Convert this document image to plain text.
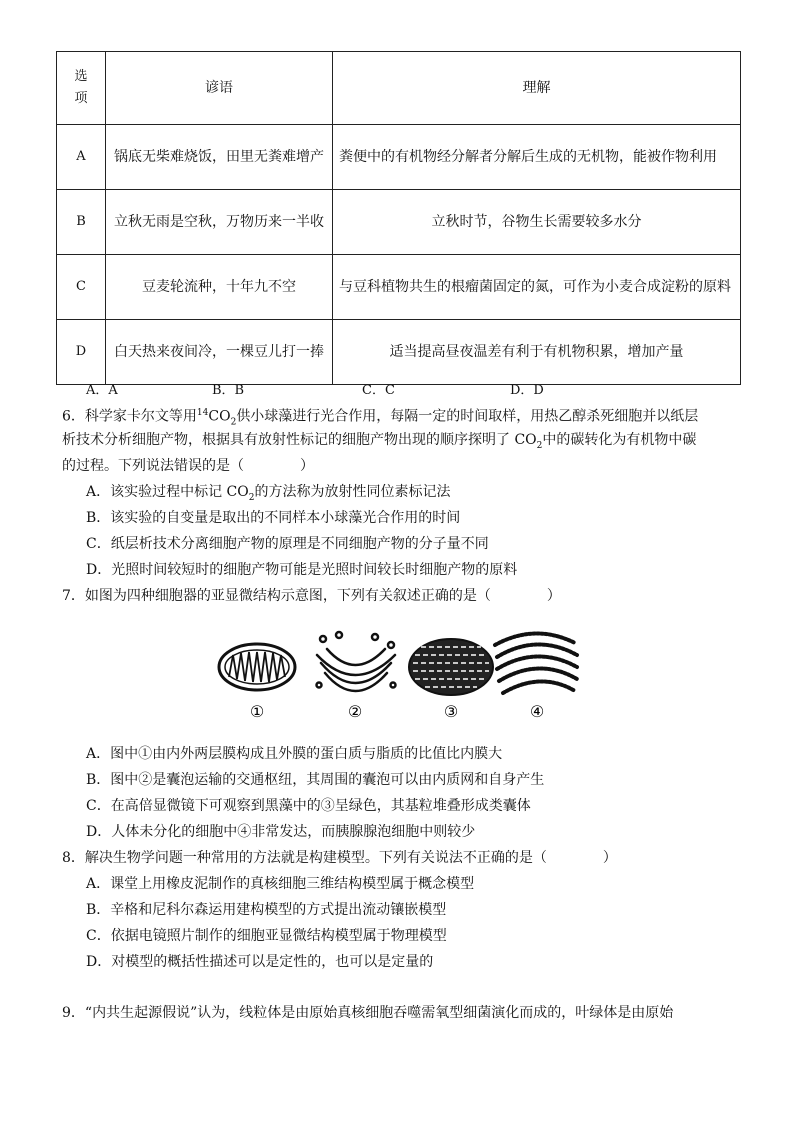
选
项	谚语	理解
A	锅底无柴难烧饭，田里无粪难增产	粪便中的有机物经分解者分解后生成的无机物，能被作物利用
B	立秋无雨是空秋，万物历来一半收	立秋时节，谷物生长需要较多水分
C	豆麦轮流种，十年九不空	与豆科植物共生的根瘤菌固定的氮，可作为小麦合成淀粉的原料
D	白天热来夜间冷，一棵豆儿打一捧	适当提高昼夜温差有利于有机物积累，增加产量
A．A	B．B	C．C	D．D
6．科学家卡尔文等用$^{14}CO_2$供小球藻进行光合作用，每隔一定的时间取样，用热乙醇杀死细胞并以纸层
析技术分析细胞产物，根据具有放射性标记的细胞产物出现的顺序探明了 $CO_2$中的碳转化为有机物中碳
的过程。下列说法错误的是（　　　　）
A．该实验过程中标记 $CO_2$的方法称为放射性同位素标记法
B．该实验的自变量是取出的不同样本小球藻光合作用的时间
C．纸层析技术分离细胞产物的原理是不同细胞产物的分子量不同
D．光照时间较短时的细胞产物可能是光照时间较长时细胞产物的原料
7．如图为四种细胞器的亚显微结构示意图，下列有关叙述正确的是（　　　　）
①	②	③	④
A．图中①由内外两层膜构成且外膜的蛋白质与脂质的比值比内膜大
B．图中②是囊泡运输的交通枢纽，其周围的囊泡可以由内质网和自身产生
C．在高倍显微镜下可观察到黑藻中的③呈绿色，其基粒堆叠形成类囊体
D．人体未分化的细胞中④非常发达，而胰腺腺泡细胞中则较少
8．解决生物学问题一种常用的方法就是构建模型。下列有关说法不正确的是（　　　　）
A．课堂上用橡皮泥制作的真核细胞三维结构模型属于概念模型
B．辛格和尼科尔森运用建构模型的方式提出流动镶嵌模型
C．依据电镜照片制作的细胞亚显微结构模型属于物理模型
D．对模型的概括性描述可以是定性的，也可以是定量的
9．“内共生起源假说”认为，线粒体是由原始真核细胞吞噬需氧型细菌演化而成的，叶绿体是由原始
